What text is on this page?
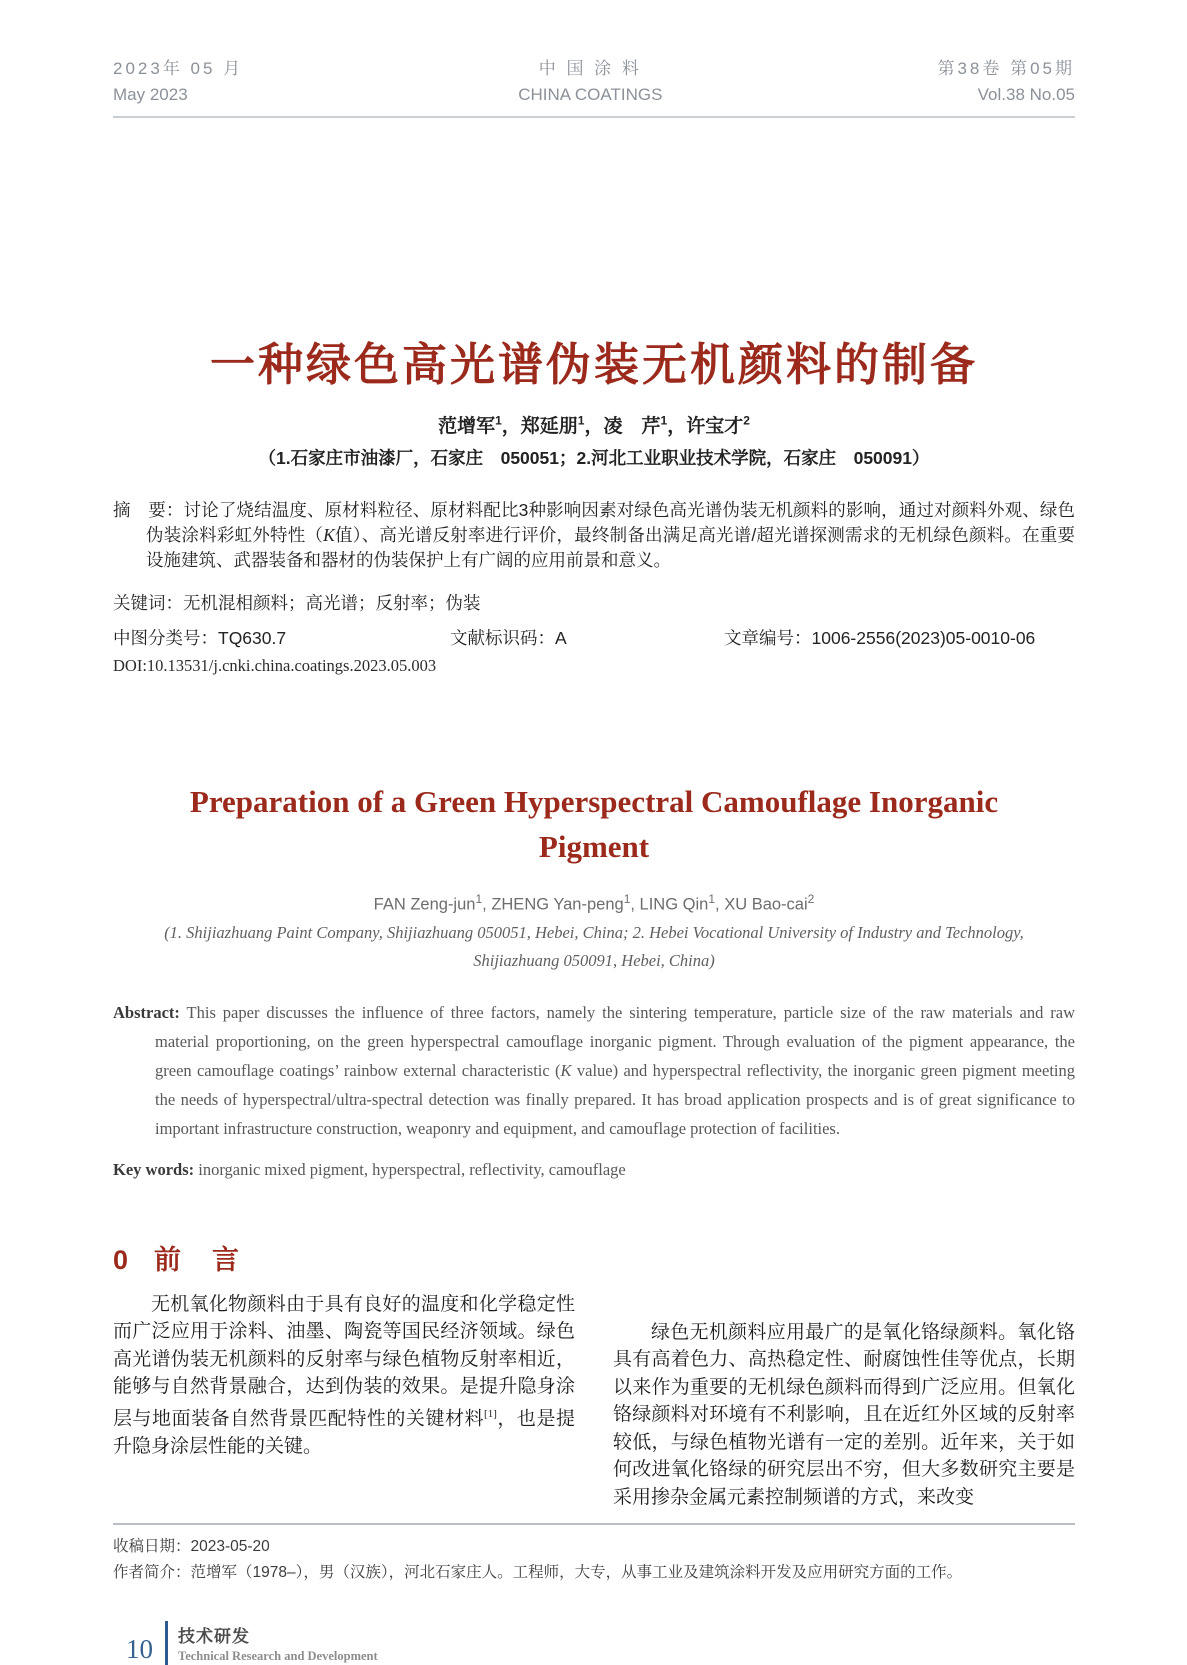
2023年 05 月
May 2023
中 国 涂 料
CHINA COATINGS
第38卷 第05期
Vol.38 No.05
一种绿色高光谱伪装无机颜料的制备
范增军$^1$，郑延朋$^1$，凌　芹$^1$，许宝才$^2$
（1.石家庄市油漆厂，石家庄　050051；2.河北工业职业技术学院，石家庄　050091）

摘　要：讨论了烧结温度、原材料粒径、原材料配比3种影响因素对绿色高光谱伪装无机颜料的影响，通过对颜料外观、绿色伪装涂料彩虹外特性（K值）、高光谱反射率进行评价，最终制备出满足高光谱/超光谱探测需求的无机绿色颜料。在重要设施建筑、武器装备和器材的伪装保护上有广阔的应用前景和意义。

关键词：无机混相颜料；高光谱；反射率；伪装
中图分类号：TQ630.7	文献标识码：A	文章编号：1006-2556(2023)05-0010-06
DOI:10.13531/j.cnki.china.coatings.2023.05.003
Preparation of a Green Hyperspectral Camouflage Inorganic Pigment
FAN Zeng-jun$^1$, ZHENG Yan-peng$^1$, LING Qin$^1$, XU Bao-cai$^2$
(1. Shijiazhuang Paint Company, Shijiazhuang 050051, Hebei, China; 2. Hebei Vocational University of Industry and Technology, Shijiazhuang 050091, Hebei, China)

Abstract: This paper discusses the influence of three factors, namely the sintering temperature, particle size of the raw materials and raw material proportioning, on the green hyperspectral camouflage inorganic pigment. Through evaluation of the pigment appearance, the green camouflage coatings’ rainbow external characteristic (K value) and hyperspectral reflectivity, the inorganic green pigment meeting the needs of hyperspectral/ultra-spectral detection was finally prepared. It has broad application prospects and is of great significance to important infrastructure construction, weaponry and equipment, and camouflage protection of facilities.

Key words: inorganic mixed pigment, hyperspectral, reflectivity, camouflage
0 前　言

无机氧化物颜料由于具有良好的温度和化学稳定性而广泛应用于涂料、油墨、陶瓷等国民经济领域。绿色高光谱伪装无机颜料的反射率与绿色植物反射率相近，能够与自然背景融合，达到伪装的效果。是提升隐身涂层与地面装备自然背景匹配特性的关键材料[1]，也是提升隐身涂层性能的关键。

绿色无机颜料应用最广的是氧化铬绿颜料。氧化铬具有高着色力、高热稳定性、耐腐蚀性佳等优点，长期以来作为重要的无机绿色颜料而得到广泛应用。但氧化铬绿颜料对环境有不利影响，且在近红外区域的反射率较低，与绿色植物光谱有一定的差别。近年来，关于如何改进氧化铬绿的研究层出不穷，但大多数研究主要是采用掺杂金属元素控制频谱的方式，来改变

收稿日期：2023-05-20
作者简介：范增军（1978–），男（汉族），河北石家庄人。工程师，大专，从事工业及建筑涂料开发及应用研究方面的工作。
10 技术研发
Technical Research and Development
